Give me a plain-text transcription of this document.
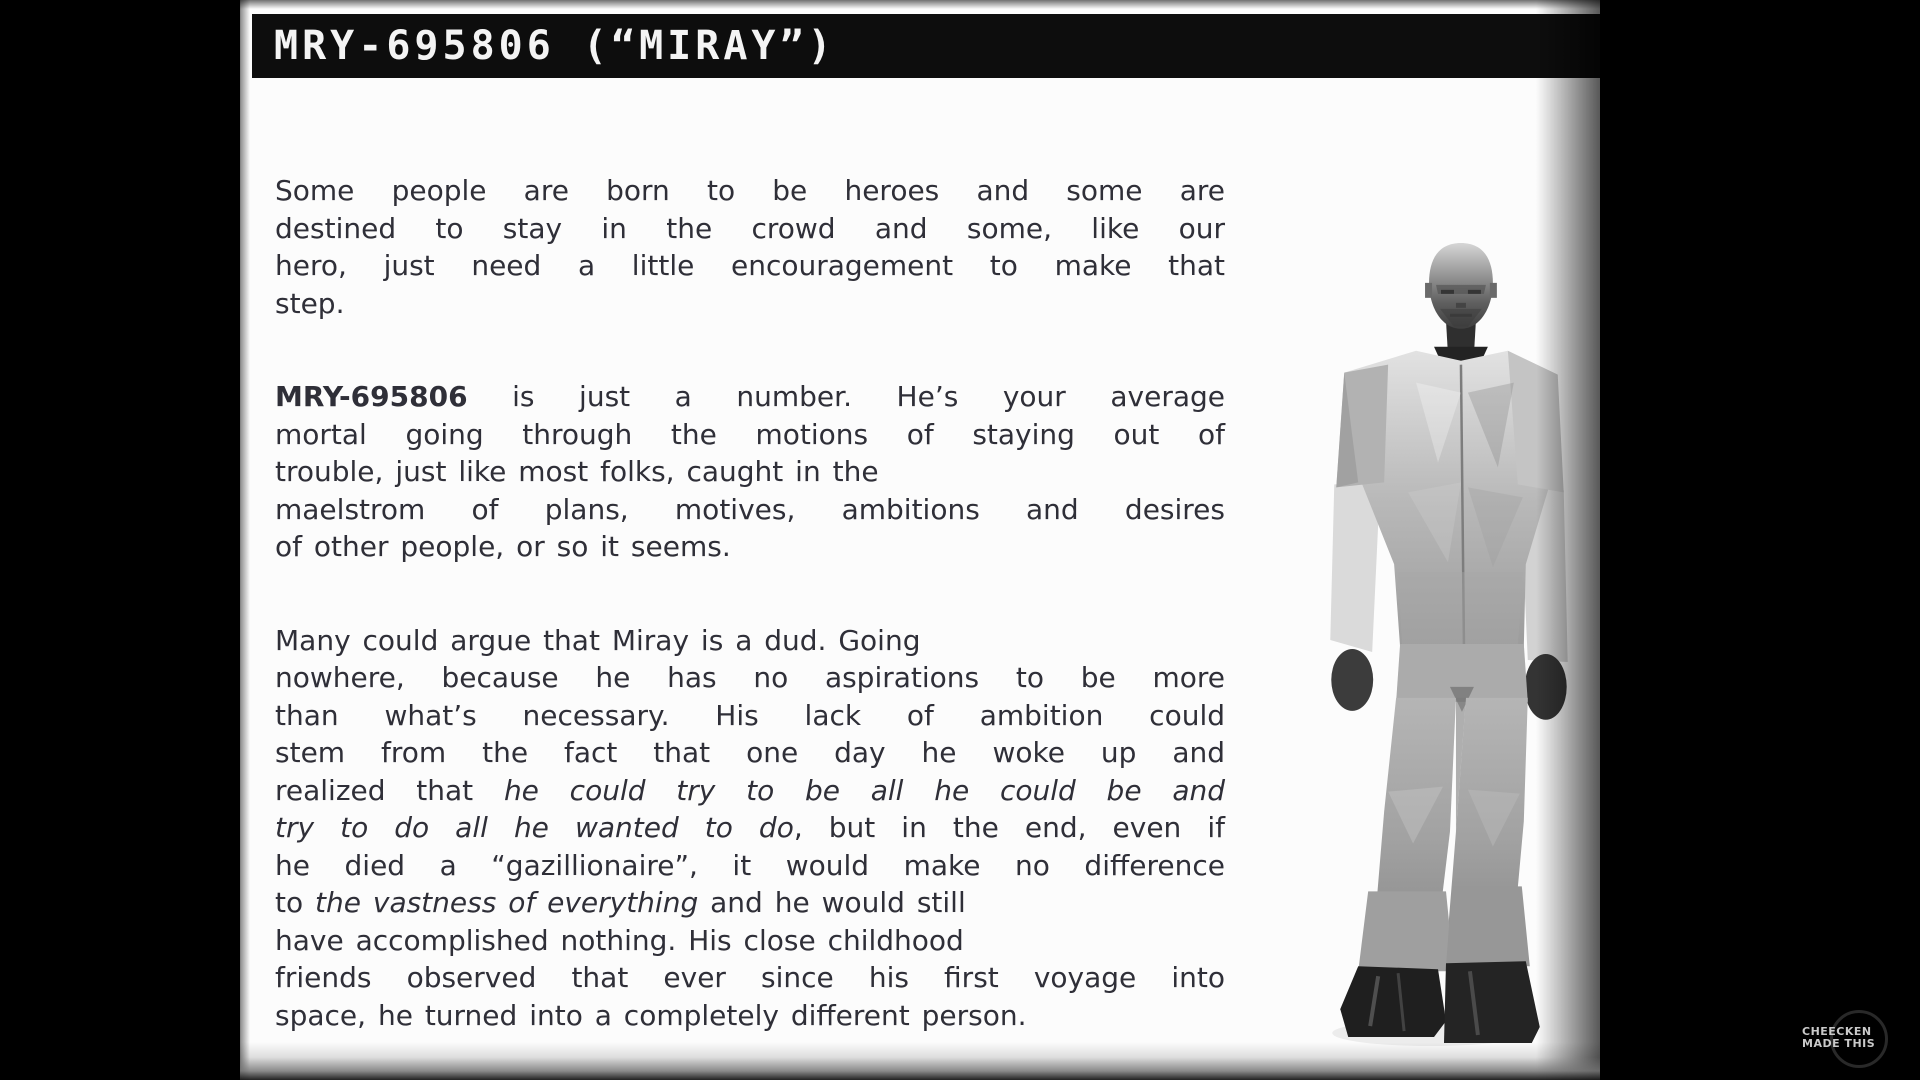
MRY-695806 (“MIRAY”)
Some people are born to be heroes and some are
destined to stay in the crowd and some, like our
hero, just need a little encouragement to make that
step.
MRY-695806 is just a number. He’s your average
mortal going through the motions of staying out of
trouble, just like most folks, caught in the
maelstrom of plans, motives, ambitions and desires
of other people, or so it seems.
Many could argue that Miray is a dud. Going
nowhere, because he has no aspirations to be more
than what’s necessary. His lack of ambition could
stem from the fact that one day he woke up and
realized that he could try to be all he could be and
try to do all he wanted to do, but in the end, even if
he died a “gazillionaire”, it would make no difference
to the vastness of everything and he would still
have accomplished nothing. His close childhood
friends observed that ever since his first voyage into
space, he turned into a completely different person.	CHEECKEN
MADE THIS
